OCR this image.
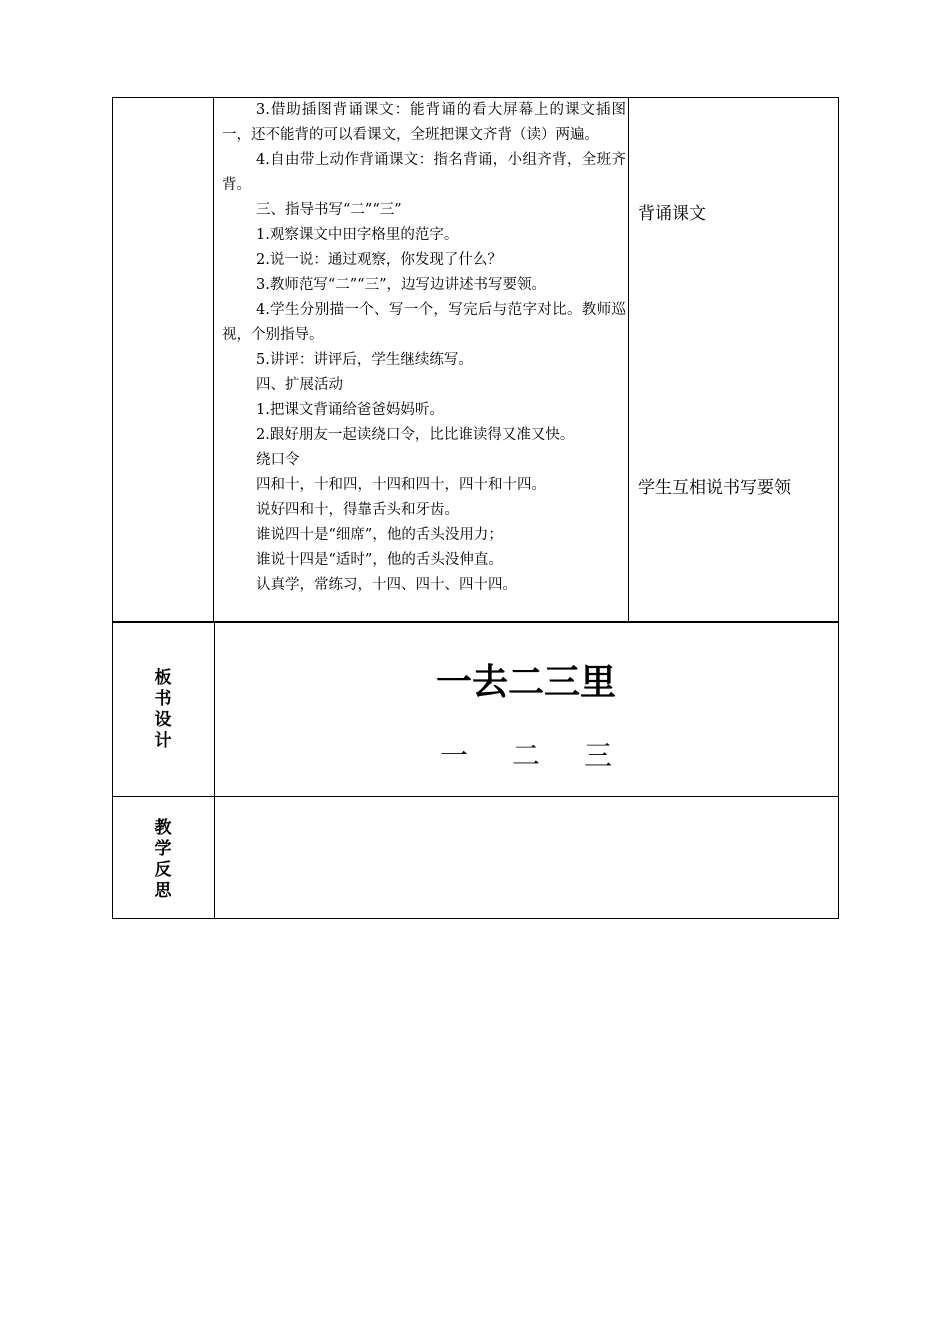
3.借助插图背诵课文：能背诵的看大屏幕上的课文插图一，还不能背的可以看课文，全班把课文齐背（读）两遍。

4.自由带上动作背诵课文：指名背诵，小组齐背，全班齐背。

三、指导书写“二”“三”

1.观察课文中田字格里的范字。

2.说一说：通过观察，你发现了什么？

3.教师范写“二”“三”，边写边讲述书写要领。

4.学生分别描一个、写一个，写完后与范字对比。教师巡视，个别指导。

5.讲评：讲评后，学生继续练写。

四、扩展活动

1.把课文背诵给爸爸妈妈听。

2.跟好朋友一起读绕口令，比比谁读得又准又快。

绕口令

四和十，十和四，十四和四十，四十和十四。

说好四和十，得靠舌头和牙齿。

谁说四十是“细席”，他的舌头没用力；

谁说十四是“适时”，他的舌头没伸直。

认真学，常练习，十四、四十、四十四。

背诵课文
学生互相说书写要领
板书设计
一去二三里
一 二 三
教学反思
